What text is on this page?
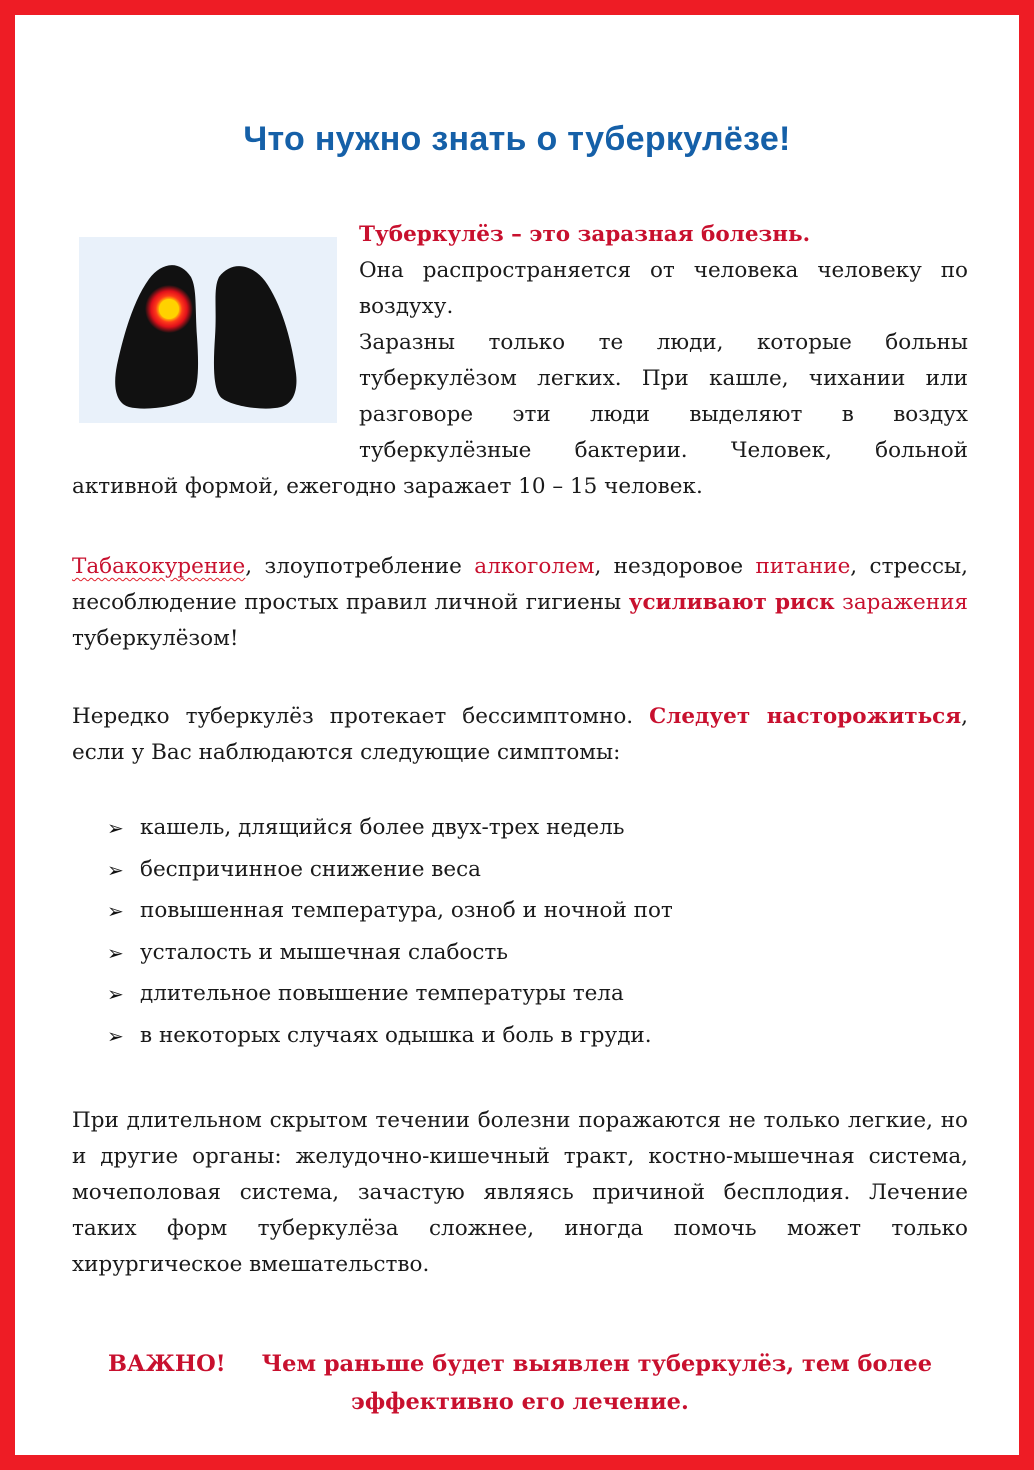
Что нужно знать о туберкулёзе!
Туберкулёз – это заразная болезнь.
Она распространяется от человека человеку по воздуху.
Заразны только те люди, которые больны туберкулёзом легких. При кашле, чихании или разговоре эти люди выделяют в воздух туберкулёзные бактерии. Человек, больной активной формой, ежегодно заражает 10 – 15 человек.
Табакокурение, злоупотребление алкоголем, нездоровое питание, стрессы, несоблюдение простых правил личной гигиены усиливают риск заражения туберкулёзом!
Нередко туберкулёз протекает бессимптомно. Следует насторожиться, если у Вас наблюдаются следующие симптомы:
➢ кашель, длящийся более двух-трех недель
➢ беспричинное снижение веса
➢ повышенная температура, озноб и ночной пот
➢ усталость и мышечная слабость
➢ длительное повышение температуры тела
➢ в некоторых случаях одышка и боль в груди.
При длительном скрытом течении болезни поражаются не только легкие, но и другие органы: желудочно-кишечный тракт, костно-мышечная система, мочеполовая система, зачастую являясь причиной бесплодия. Лечение таких форм туберкулёза сложнее, иногда помочь может только хирургическое вмешательство.
ВАЖНО! Чем раньше будет выявлен туберкулёз, тем более эффективно его лечение.
